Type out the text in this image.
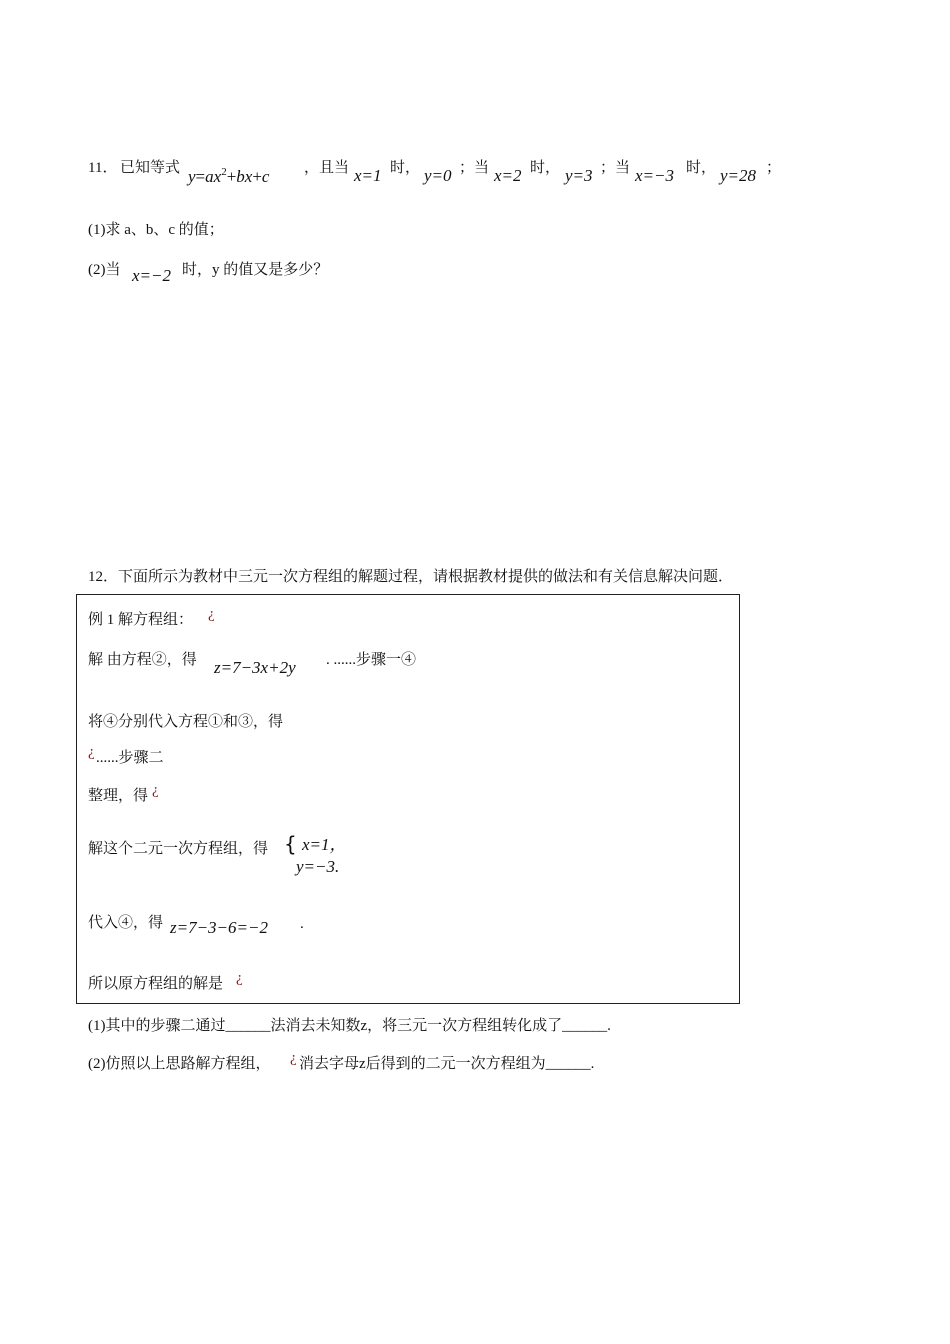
11． 已知等式 $y=ax^2+bx+c$ ，且当 x=1 时， y=0 ；当 x=2 时， y=3 ；当 x=−3 时， y=28 ；
(1)求 a、b、c 的值；
(2)当 x=−2 时，y 的值又是多少？
12．下面所示为教材中三元一次方程组的解题过程，请根据教材提供的做法和有关信息解决问题．
例 1 解方程组： ¿
解 由方程②，得 z=7−3x+2y . ......步骤一④
将④分别代入方程①和③，得
¿ ......步骤二
整理，得 ¿
解这个二元一次方程组，得 { x=1，
y=−3.
代入④，得 z=7−3−6=−2 .
所以原方程组的解是 ¿
(1)其中的步骤二通过______法消去未知数z，将三元一次方程组转化成了______.
(2)仿照以上思路解方程组， ¿ 消去字母z后得到的二元一次方程组为______.
